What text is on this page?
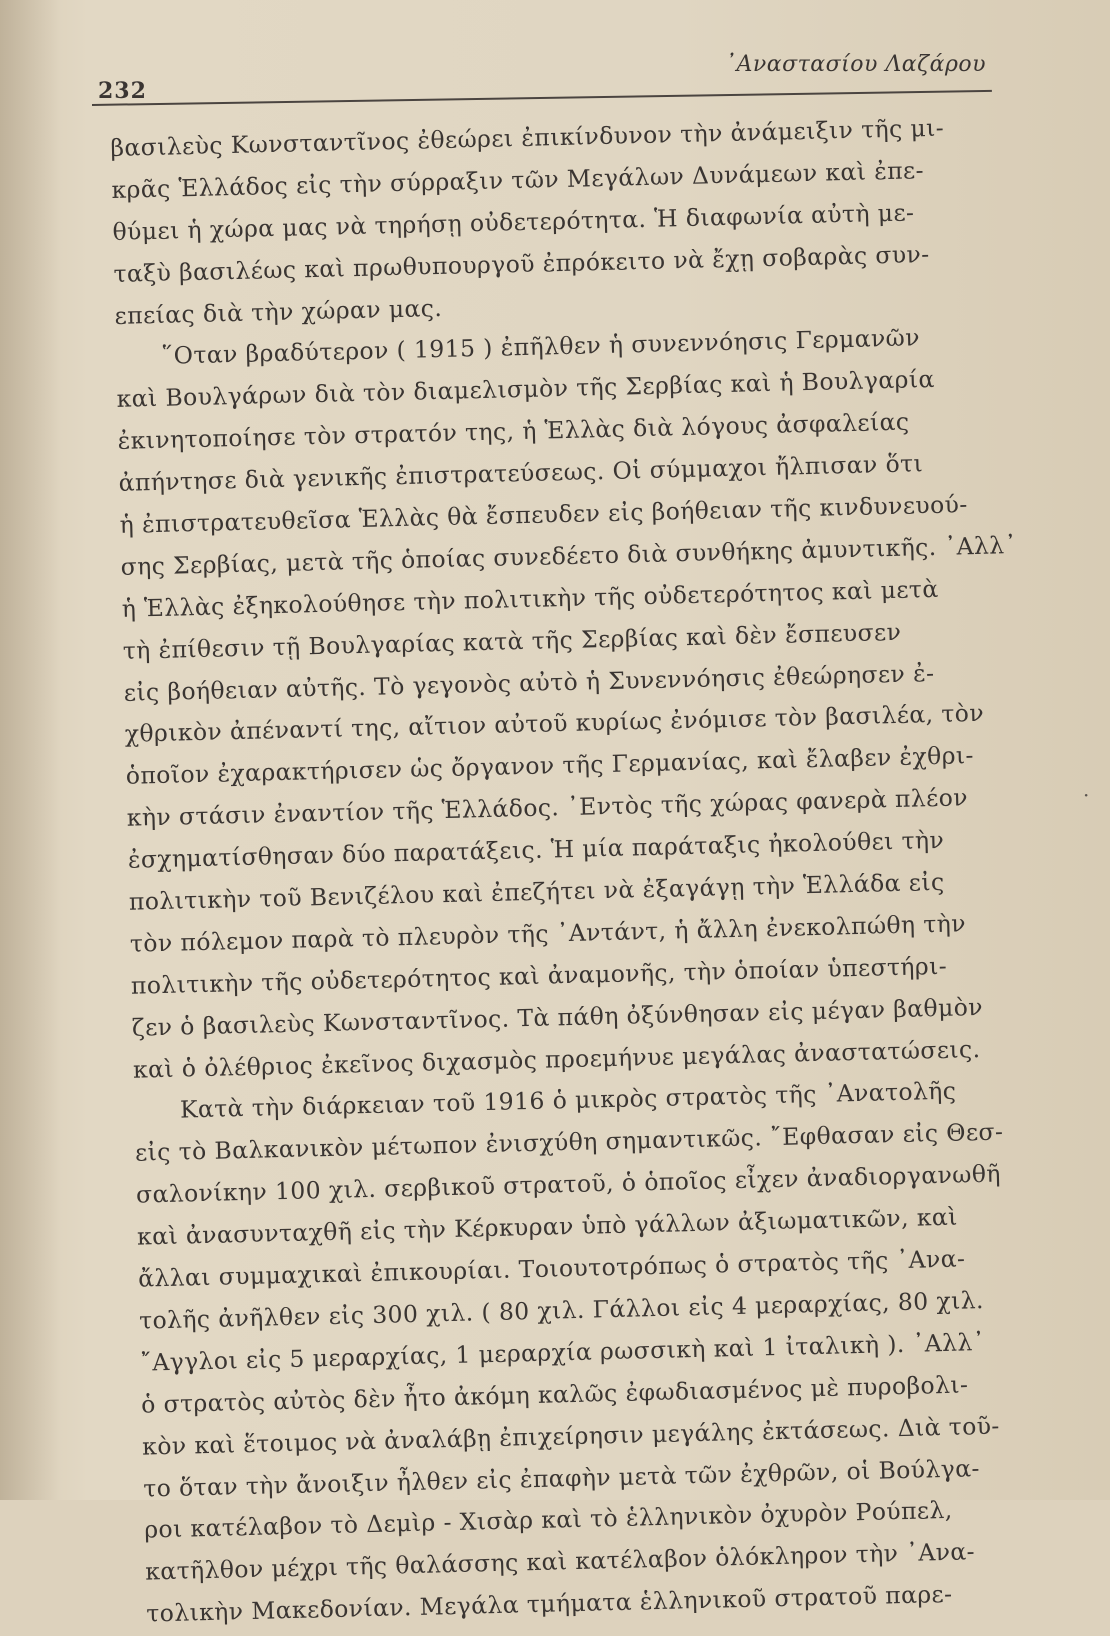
232
᾿Αναστασίου Λαζάρου
βασιλεὺς Κωνσταντῖνος ἐθεώρει ἐπικίνδυνον τὴν ἀνάμειξιν τῆς μι-
κρᾶς Ἑλλάδος εἰς τὴν σύρραξιν τῶν Μεγάλων Δυνάμεων καὶ ἐπε-
θύμει ἡ χώρα μας νὰ τηρήσῃ οὐδετερότητα. Ἡ διαφωνία αὐτὴ με-
ταξὺ βασιλέως καὶ πρωθυπουργοῦ ἐπρόκειτο νὰ ἔχῃ σοβαρὰς συν-
επείας διὰ τὴν χώραν μας.
῞Οταν βραδύτερον ( 1915 ) ἐπῆλθεν ἡ συνεννόησις Γερμανῶν
καὶ Βουλγάρων διὰ τὸν διαμελισμὸν τῆς Σερβίας καὶ ἡ Βουλγαρία
ἐκινητοποίησε τὸν στρατόν της, ἡ Ἑλλὰς διὰ λόγους ἀσφαλείας
ἀπήντησε διὰ γενικῆς ἐπιστρατεύσεως. Οἱ σύμμαχοι ἤλπισαν ὅτι
ἡ ἐπιστρατευθεῖσα Ἑλλὰς θὰ ἔσπευδεν εἰς βοήθειαν τῆς κινδυνευού-
σης Σερβίας, μετὰ τῆς ὁποίας συνεδέετο διὰ συνθήκης ἀμυντικῆς. ᾿Αλλ᾿
ἡ Ἑλλὰς ἐξηκολούθησε τὴν πολιτικὴν τῆς οὐδετερότητος καὶ μετὰ
τὴ ἐπίθεσιν τῇ Βουλγαρίας κατὰ τῆς Σερβίας καὶ δὲν ἔσπευσεν
εἰς βοήθειαν αὐτῆς. Τὸ γεγονὸς αὐτὸ ἡ Συνεννόησις ἐθεώρησεν ἐ-
χθρικὸν ἀπέναντί της, αἴτιον αὐτοῦ κυρίως ἐνόμισε τὸν βασιλέα, τὸν
ὁποῖον ἐχαρακτήρισεν ὡς ὄργανον τῆς Γερμανίας, καὶ ἔλαβεν ἐχθρι-
κὴν στάσιν ἐναντίον τῆς Ἑλλάδος. ᾿Εντὸς τῆς χώρας φανερὰ πλέον
ἐσχηματίσθησαν δύο παρατάξεις. Ἡ μία παράταξις ἠκολούθει τὴν
πολιτικὴν τοῦ Βενιζέλου καὶ ἐπεζήτει νὰ ἐξαγάγῃ τὴν Ἑλλάδα εἰς
τὸν πόλεμον παρὰ τὸ πλευρὸν τῆς ᾿Αντάντ, ἡ ἄλλη ἐνεκολπώθη τὴν
πολιτικὴν τῆς οὐδετερότητος καὶ ἀναμονῆς, τὴν ὁποίαν ὑπεστήρι-
ζεν ὁ βασιλεὺς Κωνσταντῖνος. Τὰ πάθη ὀξύνθησαν εἰς μέγαν βαθμὸν
καὶ ὁ ὀλέθριος ἐκεῖνος διχασμὸς προεμήνυε μεγάλας ἀναστατώσεις.
Κατὰ τὴν διάρκειαν τοῦ 1916 ὁ μικρὸς στρατὸς τῆς ᾿Ανατολῆς
εἰς τὸ Βαλκανικὸν μέτωπον ἐνισχύθη σημαντικῶς. ῎Εφθασαν εἰς Θεσ-
σαλονίκην 100 χιλ. σερβικοῦ στρατοῦ, ὁ ὁποῖος εἶχεν ἀναδιοργανωθῆ
καὶ ἀνασυνταχθῆ εἰς τὴν Κέρκυραν ὑπὸ γάλλων ἀξιωματικῶν, καὶ
ἄλλαι συμμαχικαὶ ἐπικουρίαι. Τοιουτοτρόπως ὁ στρατὸς τῆς ᾿Ανα-
τολῆς ἀνῆλθεν εἰς 300 χιλ. ( 80 χιλ. Γάλλοι εἰς 4 μεραρχίας, 80 χιλ.
῎Αγγλοι εἰς 5 μεραρχίας, 1 μεραρχία ρωσσικὴ καὶ 1 ἰταλικὴ ). ᾿Αλλ᾿
ὁ στρατὸς αὐτὸς δὲν ἦτο ἀκόμη καλῶς ἐφωδιασμένος μὲ πυροβολι-
κὸν καὶ ἕτοιμος νὰ ἀναλάβῃ ἐπιχείρησιν μεγάλης ἐκτάσεως. Διὰ τοῦ-
το ὅταν τὴν ἄνοιξιν ἦλθεν εἰς ἐπαφὴν μετὰ τῶν ἐχθρῶν, οἱ Βούλγα-
ροι κατέλαβον τὸ Δεμὶρ - Χισὰρ καὶ τὸ ἑλληνικὸν ὀχυρὸν Ρούπελ,
κατῆλθον μέχρι τῆς θαλάσσης καὶ κατέλαβον ὁλόκληρον τὴν ᾿Ανα-
τολικὴν Μακεδονίαν. Μεγάλα τμήματα ἑλληνικοῦ στρατοῦ παρε-
·
